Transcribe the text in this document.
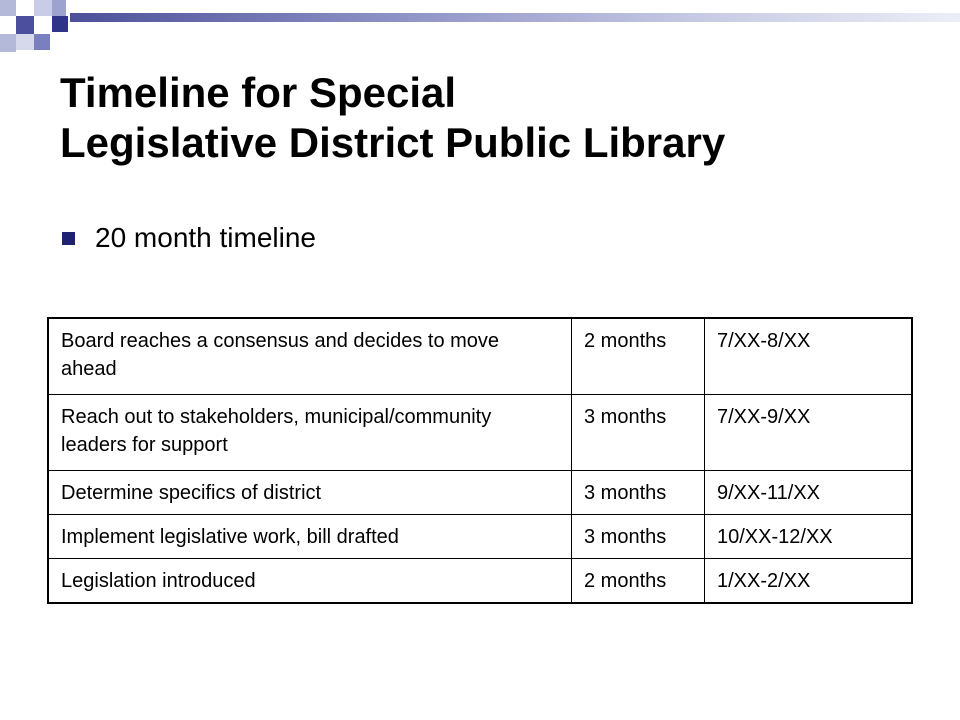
Timeline for Special
Legislative District Public Library
20 month timeline
Board reaches a consensus and decides to move ahead	2 months	7/XX-8/XX
Reach out to stakeholders, municipal/community leaders for support	3 months	7/XX-9/XX
Determine specifics of district	3 months	9/XX-11/XX
Implement legislative work, bill drafted	3 months	10/XX-12/XX
Legislation introduced	2 months	1/XX-2/XX
